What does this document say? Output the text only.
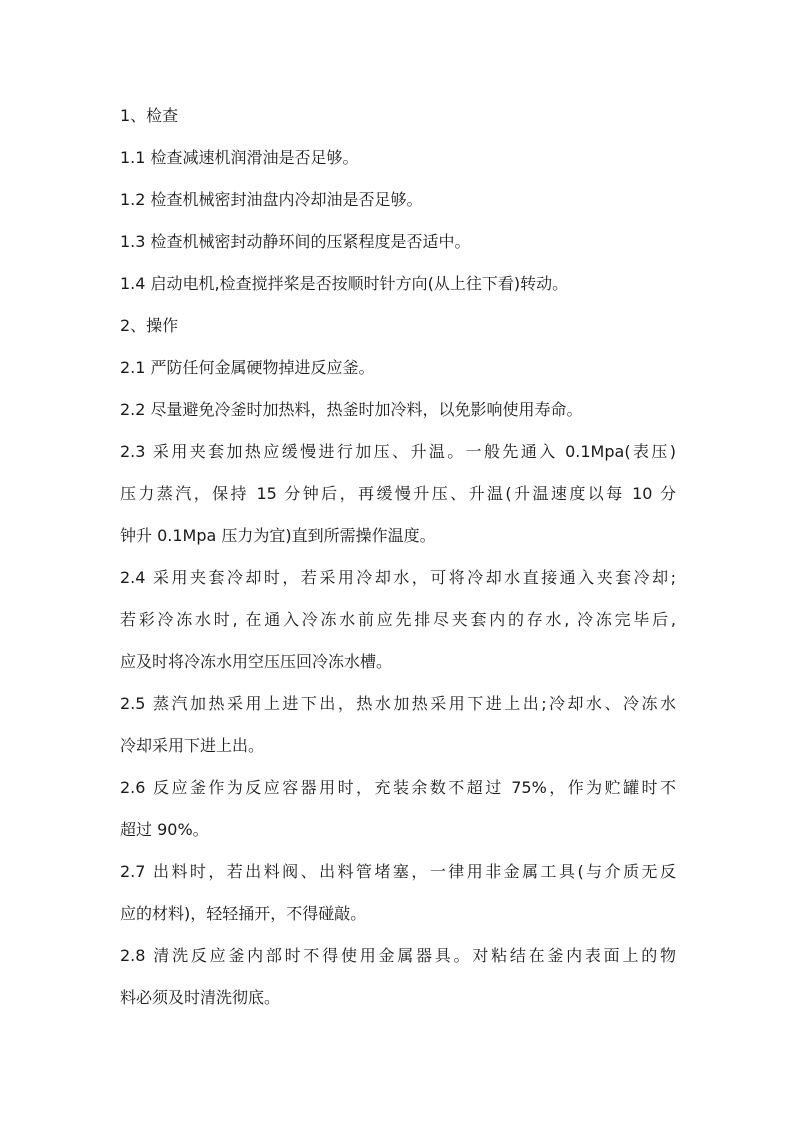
1、检查
1.1 检查减速机润滑油是否足够。
1.2 检查机械密封油盘内冷却油是否足够。
1.3 检查机械密封动静环间的压紧程度是否适中。
1.4 启动电机,检查搅拌桨是否按顺时针方向(从上往下看)转动。
2、操作
2.1 严防任何金属硬物掉进反应釜。
2.2 尽量避免冷釜时加热料，热釜时加冷料，以免影响使用寿命。
2.3 采用夹套加热应缓慢进行加压、升温。一般先通入 0.1Mpa(表压)
压力蒸汽，保持 15 分钟后，再缓慢升压、升温(升温速度以每 10 分
钟升 0.1Mpa 压力为宜)直到所需操作温度。
2.4 采用夹套冷却时，若采用冷却水，可将冷却水直接通入夹套冷却;
若彩冷冻水时, 在通入冷冻水前应先排尽夹套内的存水, 冷冻完毕后,
应及时将冷冻水用空压压回冷冻水槽。
2.5 蒸汽加热采用上进下出，热水加热采用下进上出;冷却水、冷冻水
冷却采用下进上出。
2.6 反应釜作为反应容器用时，充装余数不超过 75%，作为贮罐时不
超过 90%。
2.7 出料时，若出料阀、出料管堵塞，一律用非金属工具(与介质无反
应的材料)，轻轻捅开，不得碰敲。
2.8 清洗反应釜内部时不得使用金属器具。对粘结在釜内表面上的物
料必须及时清洗彻底。
